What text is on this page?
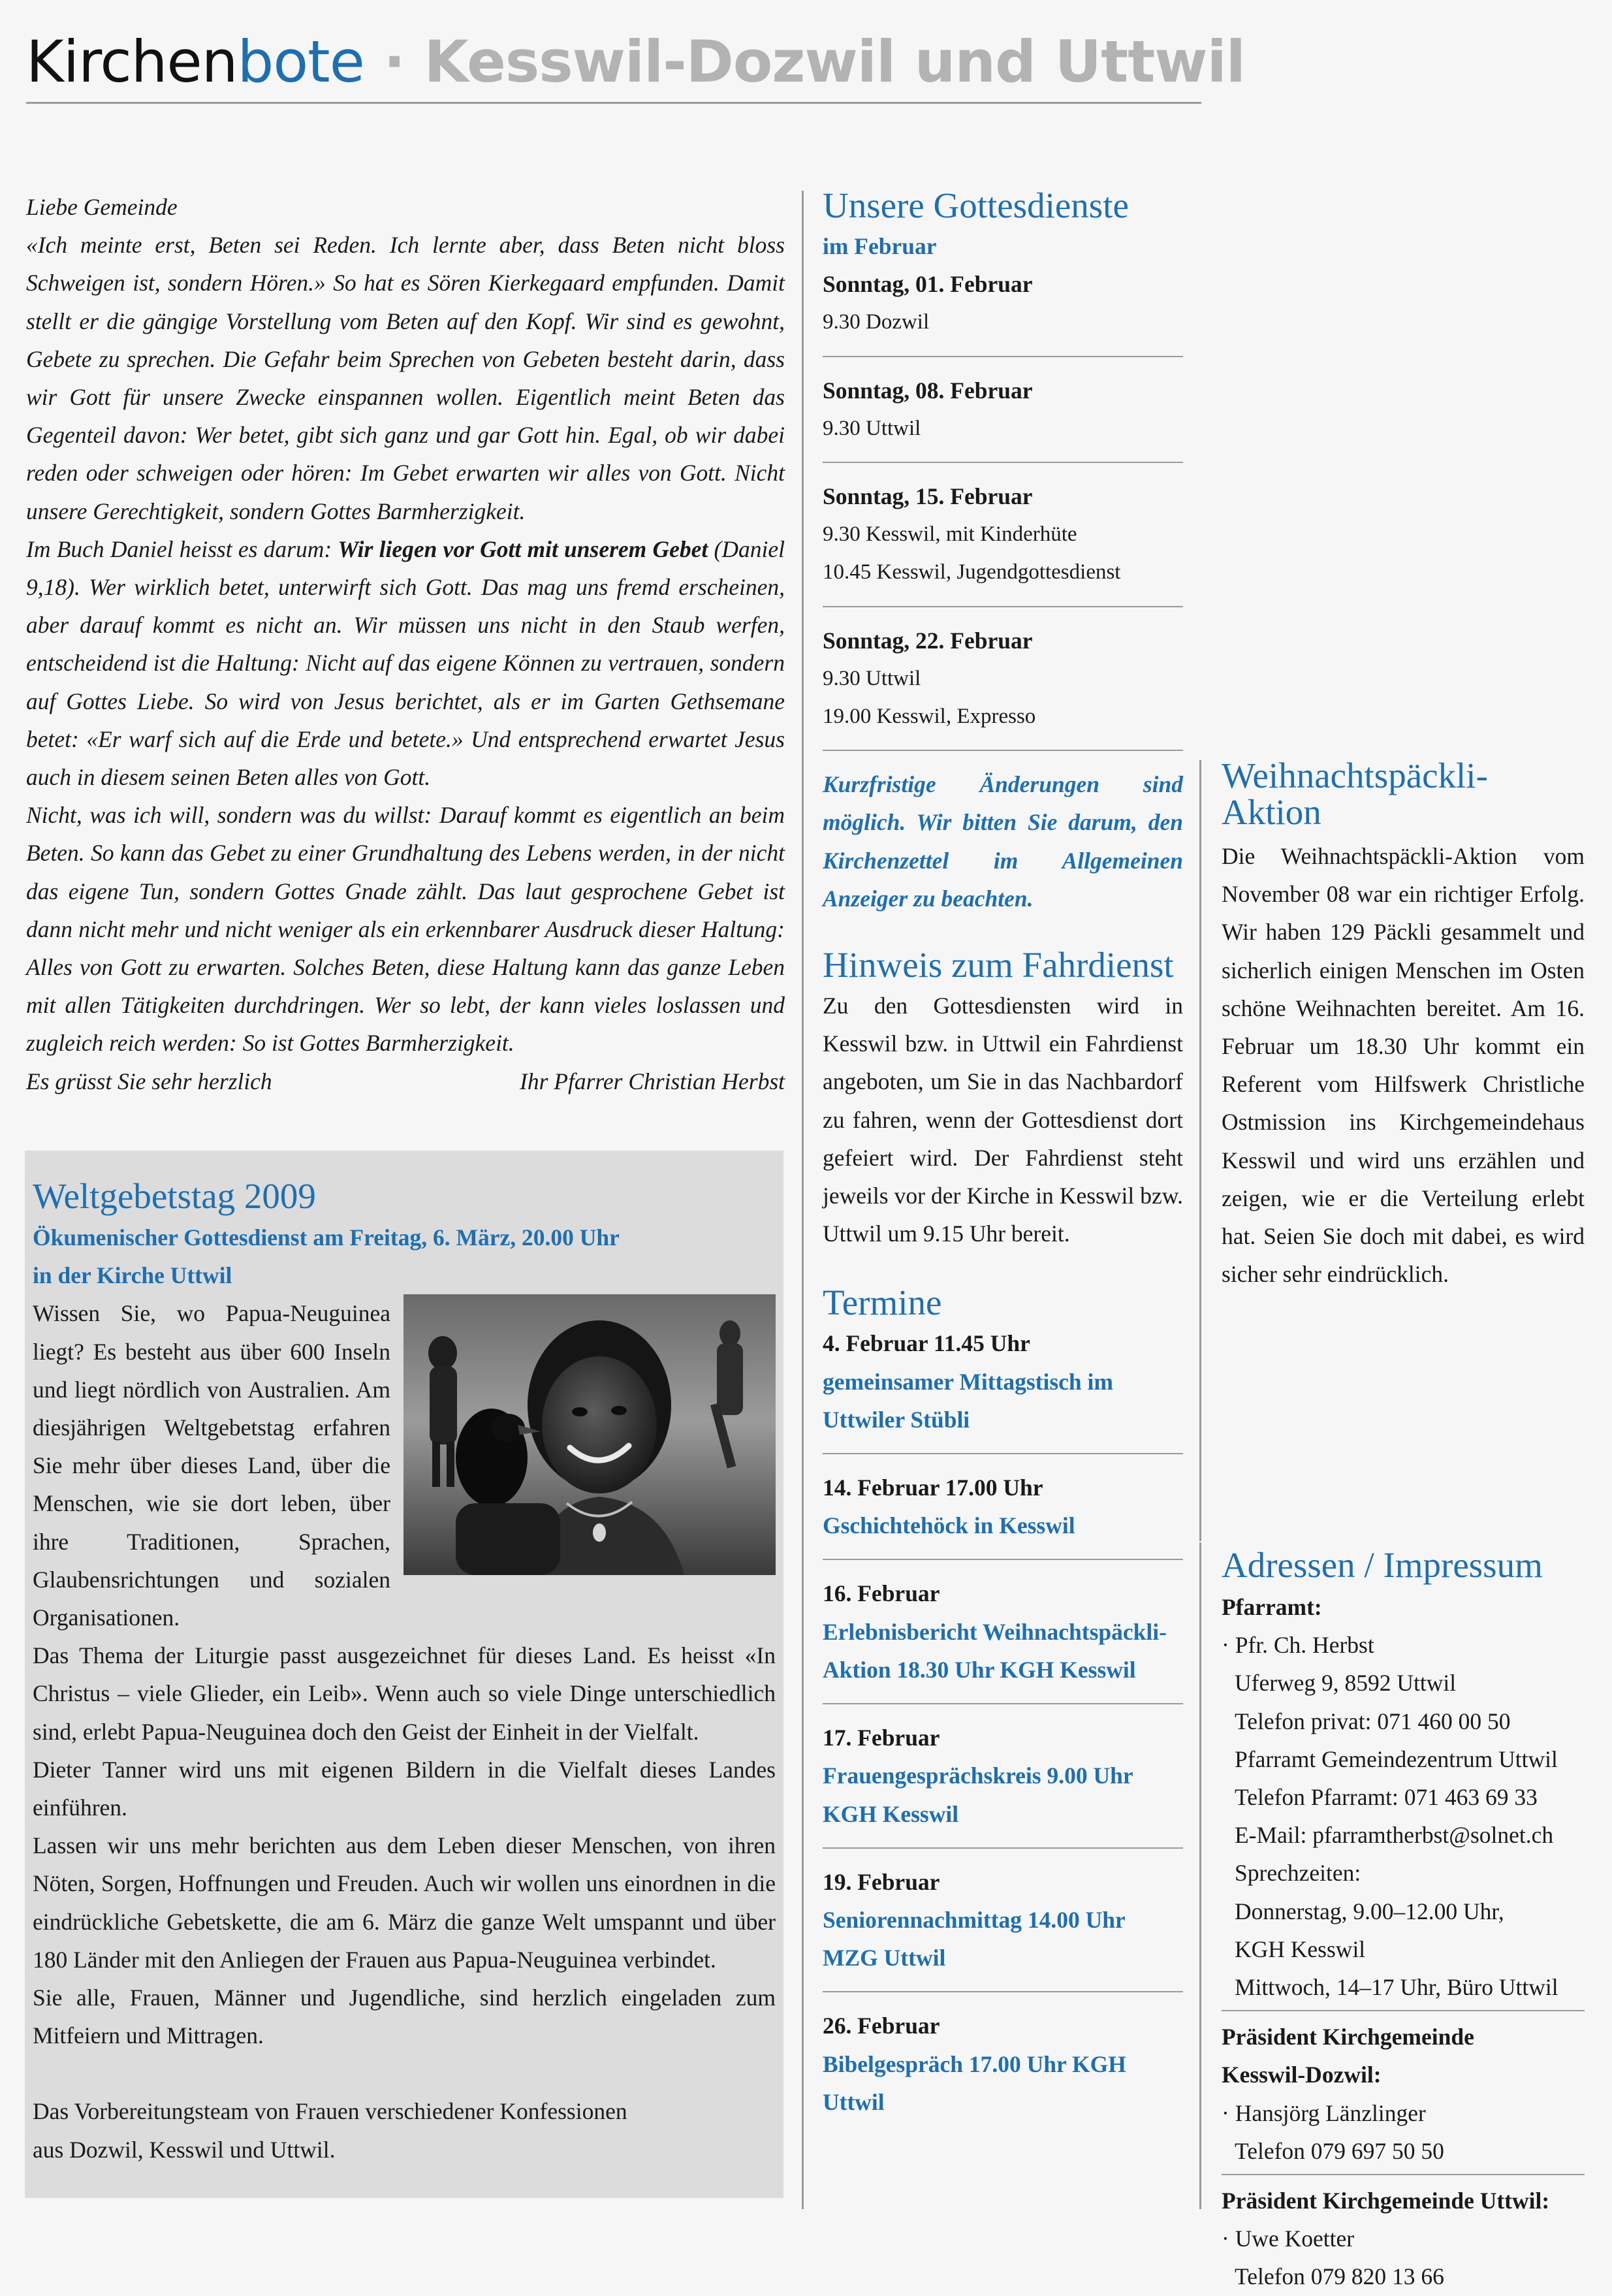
Kirchenbote · Kesswil-Dozwil und Uttwil

Liebe Gemeinde

«Ich meinte erst, Beten sei Reden. Ich lernte aber, dass Beten nicht bloss Schweigen ist, sondern Hören.» So hat es Sören Kierkegaard empfunden. Damit stellt er die gängige Vorstellung vom Beten auf den Kopf. Wir sind es gewohnt, Gebete zu sprechen. Die Gefahr beim Sprechen von Gebeten besteht darin, dass wir Gott für unsere Zwecke einspannen wollen. Eigentlich meint Beten das Gegenteil davon: Wer betet, gibt sich ganz und gar Gott hin. Egal, ob wir dabei reden oder schweigen oder hören: Im Gebet erwarten wir alles von Gott. Nicht unsere Gerechtigkeit, sondern Gottes Barmherzigkeit.

Im Buch Daniel heisst es darum: Wir liegen vor Gott mit unserem Gebet (Daniel 9,18). Wer wirklich betet, unterwirft sich Gott. Das mag uns fremd erscheinen, aber darauf kommt es nicht an. Wir müssen uns nicht in den Staub werfen, entscheidend ist die Haltung: Nicht auf das eigene Können zu vertrauen, sondern auf Gottes Liebe. So wird von Jesus berichtet, als er im Garten Gethsemane betet: «Er warf sich auf die Erde und betete.» Und entsprechend erwartet Jesus auch in diesem seinen Beten alles von Gott.

Nicht, was ich will, sondern was du willst: Darauf kommt es eigentlich an beim Beten. So kann das Gebet zu einer Grundhaltung des Lebens werden, in der nicht das eigene Tun, sondern Gottes Gnade zählt. Das laut gesprochene Gebet ist dann nicht mehr und nicht weniger als ein erkennbarer Ausdruck dieser Haltung: Alles von Gott zu erwarten. Solches Beten, diese Haltung kann das ganze Leben mit allen Tätigkeiten durchdringen. Wer so lebt, der kann vieles loslassen und zugleich reich werden: So ist Gottes Barmherzigkeit.

Es grüsst Sie sehr herzlich	Ihr Pfarrer Christian Herbst

Weltgebetstag 2009
Ökumenischer Gottesdienst am Freitag, 6. März, 20.00 Uhr
in der Kirche Uttwil

Wissen Sie, wo Papua-Neuguinea liegt? Es besteht aus über 600 Inseln und liegt nördlich von Australien. Am diesjährigen Weltgebetstag erfahren Sie mehr über dieses Land, über die Menschen, wie sie dort leben, über ihre Traditionen, Sprachen, Glaubensrichtungen und sozialen Organisationen.

Das Thema der Liturgie passt ausgezeichnet für dieses Land. Es heisst «In Christus – viele Glieder, ein Leib». Wenn auch so viele Dinge unterschiedlich sind, erlebt Papua-Neuguinea doch den Geist der Einheit in der Vielfalt.

Dieter Tanner wird uns mit eigenen Bildern in die Vielfalt dieses Landes einführen.

Lassen wir uns mehr berichten aus dem Leben dieser Menschen, von ihren Nöten, Sorgen, Hoffnungen und Freuden. Auch wir wollen uns einordnen in die eindrückliche Gebetskette, die am 6. März die ganze Welt umspannt und über 180 Länder mit den Anliegen der Frauen aus Papua-Neuguinea verbindet.

Sie alle, Frauen, Männer und Jugendliche, sind herzlich eingeladen zum Mitfeiern und Mittragen.

Das Vorbereitungsteam von Frauen verschiedener Konfessionen

aus Dozwil, Kesswil und Uttwil.

Unsere Gottesdienste
im Februar
Sonntag, 01. Februar
9.30 Dozwil
Sonntag, 08. Februar
9.30 Uttwil
Sonntag, 15. Februar
9.30 Kesswil, mit Kinderhüte
10.45 Kesswil, Jugendgottesdienst
Sonntag, 22. Februar
9.30 Uttwil
19.00 Kesswil, Expresso

Kurzfristige Änderungen sind möglich. Wir bitten Sie darum, den Kirchenzettel im Allgemeinen Anzeiger zu beachten.

Hinweis zum Fahrdienst

Zu den Gottesdiensten wird in Kesswil bzw. in Uttwil ein Fahrdienst angeboten, um Sie in das Nachbardorf zu fahren, wenn der Gottesdienst dort gefeiert wird. Der Fahrdienst steht jeweils vor der Kirche in Kesswil bzw. Uttwil um 9.15 Uhr bereit.

Termine
4. Februar 11.45 Uhr
gemeinsamer Mittagstisch im Uttwiler Stübli
14. Februar 17.00 Uhr
Gschichtehöck in Kesswil
16. Februar
Erlebnisbericht Weihnachtspäckli-Aktion 18.30 Uhr KGH Kesswil
17. Februar
Frauengesprächskreis 9.00 Uhr KGH Kesswil
19. Februar
Seniorennachmittag 14.00 Uhr MZG Uttwil
26. Februar
Bibelgespräch 17.00 Uhr KGH Uttwil
Weihnachtspäckli-
Aktion

Die Weihnachtspäckli-Aktion vom November 08 war ein richtiger Erfolg. Wir haben 129 Päckli gesammelt und sicherlich einigen Menschen im Osten schöne Weihnachten bereitet. Am 16. Februar um 18.30 Uhr kommt ein Referent vom Hilfswerk Christliche Ostmission ins Kirchgemeindehaus Kesswil und wird uns erzählen und zeigen, wie er die Verteilung erlebt hat. Seien Sie doch mit dabei, es wird sicher sehr eindrücklich.

Adressen / Impressum
Pfarramt:
· Pfr. Ch. Herbst
Uferweg 9, 8592 Uttwil
Telefon privat: 071 460 00 50
Pfarramt Gemeindezentrum Uttwil
Telefon Pfarramt: 071 463 69 33
E-Mail: pfarramtherbst@solnet.ch
Sprechzeiten:
Donnerstag, 9.00–12.00 Uhr,
KGH Kesswil
Mittwoch, 14–17 Uhr, Büro Uttwil
Präsident Kirchgemeinde
Kesswil-Dozwil:
· Hansjörg Länzlinger
Telefon 079 697 50 50
Präsident Kirchgemeinde Uttwil:
· Uwe Koetter
Telefon 079 820 13 66
